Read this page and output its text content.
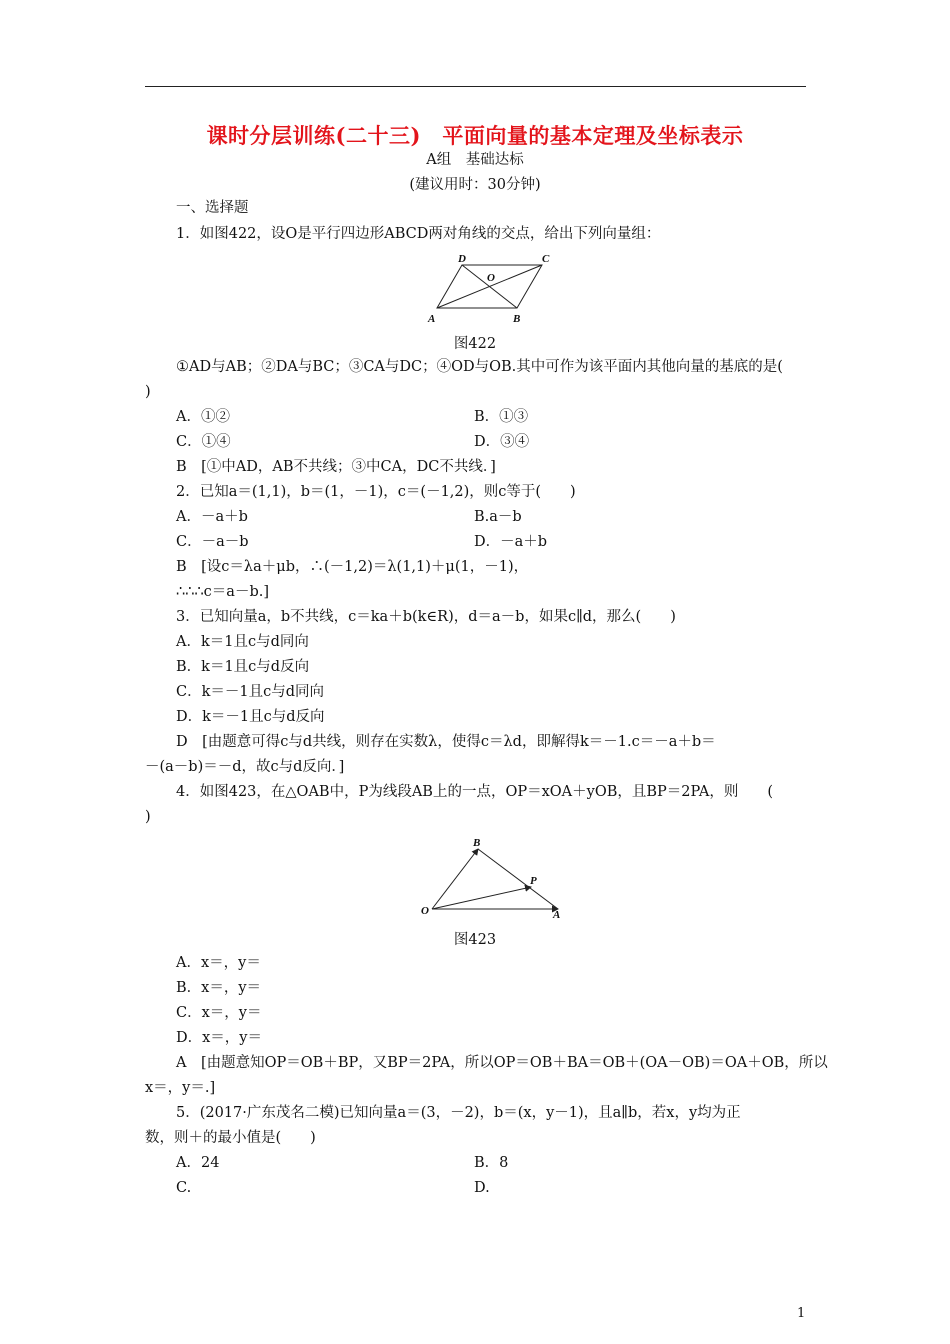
课时分层训练(二十三)　平面向量的基本定理及坐标表示
A组　基础达标
(建议用时：30分钟)
一、选择题
1．如图422，设O是平行四边形ABCD两对角线的交点，给出下列向量组：
A	B
C
D
O
图422
①AD与AB；②DA与BC；③CA与DC；④OD与OB.其中可作为该平面内其他向量的基底的是(
)
A．①②	B．①③
C．①④	D．③④
B　[①中AD，AB不共线；③中CA，DC不共线．]
2．已知a＝(1,1)，b＝(1，－1)，c＝(－1,2)，则c等于(　　)
A．－a＋b	B.a－b
C．－a－b	D．－a＋b
B　[设c＝λa＋μb，∴(－1,2)＝λ(1,1)＋μ(1，－1)，
∴∴∴c＝a－b.]
3．已知向量a，b不共线，c＝ka＋b(k∈R)，d＝a－b，如果c∥d，那么(　　)
A．k＝1且c与d同向
B．k＝1且c与d反向
C．k＝－1且c与d同向
D．k＝－1且c与d反向
D　[由题意可得c与d共线，则存在实数λ，使得c＝λd，即解得k＝－1.c＝－a＋b＝
－(a－b)＝－d，故c与d反向．]
4．如图423，在△OAB中，P为线段AB上的一点，OP＝xOA＋yOB，且BP＝2PA，则　　(
)
O	A
B
P
图423
A．x＝，y＝
B．x＝，y＝
C．x＝，y＝
D．x＝，y＝
A　[由题意知OP＝OB＋BP，又BP＝2PA，所以OP＝OB＋BA＝OB＋(OA－OB)＝OA＋OB，所以
x＝，y＝.]
5．(2017·广东茂名二模)已知向量a＝(3，－2)，b＝(x，y－1)，且a∥b，若x，y均为正
数，则＋的最小值是(　　)
A．24	B．8
C.	D.
1
